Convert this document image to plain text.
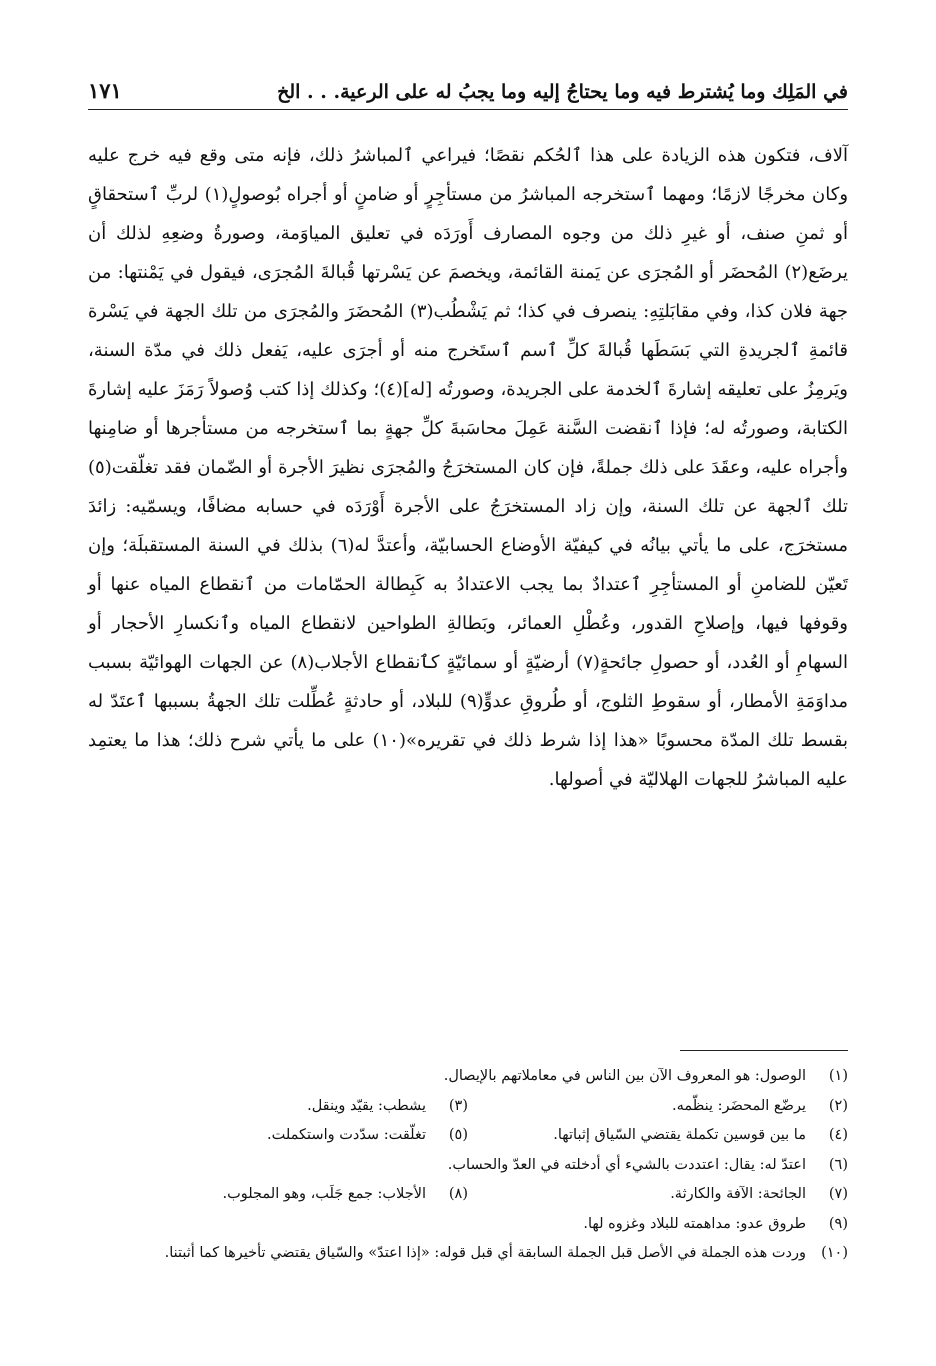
في المَلِك وما يُشترط فيه وما يحتاجُ إليه وما يجبُ له على الرعية. . . الخ
١٧١

آلاف، فتكون هذه الزيادة على هذا ٱلحُكم نقصًا؛ فيراعي ٱلمباشرُ ذلك، فإنه متى وقع فيه خرج عليه وكان مخرجًا لازمًا؛ ومهما ٱستخرجه المباشرُ من مستأجِرٍ أو ضامنٍ أو أجراه بُوصولٍ(١) لربِّ ٱستحقاقٍ أو ثمنِ صنف، أو غيرِ ذلك من وجوه المصارف أَورَدَه في تعليق المياوَمة، وصورةُ وضعِهِ لذلك أن يرضَع(٢) المُحضَر أو المُجرَى عن يَمنة القائمة، ويخصمَ عن يَسْرتها قُبالةَ المُجرَى، فيقول في يَمْنتها: من جهة فلان كذا، وفي مقابَلتِهِ: ينصرف في كذا؛ ثم يَشْطُب(٣) المُحضَرَ والمُجرَى من تلك الجهة في يَسْرة قائمةِ ٱلجريدةِ التي بَسَطَها قُبالةَ كلِّ ٱسم ٱستَخرج منه أو أجرَى عليه، يَفعل ذلك في مدّة السنة، ويَرمِزُ على تعليقه إشارةَ ٱلخدمة على الجريدة، وصورتُه [له](٤)؛ وكذلك إذا كتب وُصولاً رَمَزَ عليه إشارةَ الكتابة، وصورتُه له؛ فإذا ٱنقضت السَّنة عَمِلَ محاسَبةَ كلِّ جهةٍ بما ٱستخرجه من مستأجرها أو ضامِنها وأجراه عليه، وعقَدَ على ذلك جملةً، فإن كان المستخرَجُ والمُجرَى نظيرَ الأجرة أو الضّمان فقد تغلّقت(٥) تلك ٱلجهة عن تلك السنة، وإن زاد المستخرَجُ على الأجرة أَوْرَدَه في حسابه مضافًا، ويسمّيه: زائدَ مستخرَج، على ما يأتي بيانُه في كيفيّة الأوضاع الحسابيّة، وأعتدَّ له(٦) بذلك في السنة المستقبلَة؛ وإن تَعيّن للضامنِ أو المستأجِرِ ٱعتدادٌ بما يجب الاعتدادُ به كَبِطالة الحمّامات من ٱنقطاع المياه عنها أو وقوفها فيها، وإصلاحِ القدور، وعُطْلِ العمائر، وبَطالةِ الطواحين لانقطاع المياه وٱنكسارِ الأحجار أو السهامِ أو العُدد، أو حصولِ جائحةٍ(٧) أرضيّةٍ أو سمائيّةٍ كٱنقطاع الأجلاب(٨) عن الجهات الهوائيّة بسبب مداوَمَةِ الأمطار، أو سقوطِ الثلوج، أو طُروقِ عدوٍّ(٩) للبلاد، أو حادثةٍ عُطِّلت تلك الجهةُ بسببها ٱعتَدّ له بقسط تلك المدّة محسوبًا «هذا إذا شرط ذلك في تقريره»(١٠) على ما يأتي شرح ذلك؛ هذا ما يعتمِد عليه المباشرُ للجهات الهلاليّة في أصولها.

(١)
الوصول: هو المعروف الآن بين الناس في معاملاتهم بالإيصال.
(٢)
يرضّع المحضَر: ينظّمه.
(٣)
يشطب: يقيّد وينقل.
(٤)
ما بين قوسين تكملة يقتضي السّياق إثباتها.
(٥)
تغلّقت: سدّدت واستكملت.
(٦)
اعتدّ له: يقال: اعتددت بالشيء أي أدخلته في العدّ والحساب.
(٧)
الجائحة: الآفة والكارثة.
(٨)
الأجلاب: جمع جَلَب، وهو المجلوب.
(٩)
طروق عدو: مداهمته للبلاد وغزوه لها.
(١٠)
وردت هذه الجملة في الأصل قبل الجملة السابقة أي قبل قوله: «إذا اعتدّ» والسّياق يقتضي تأخيرها كما أثبتنا.
